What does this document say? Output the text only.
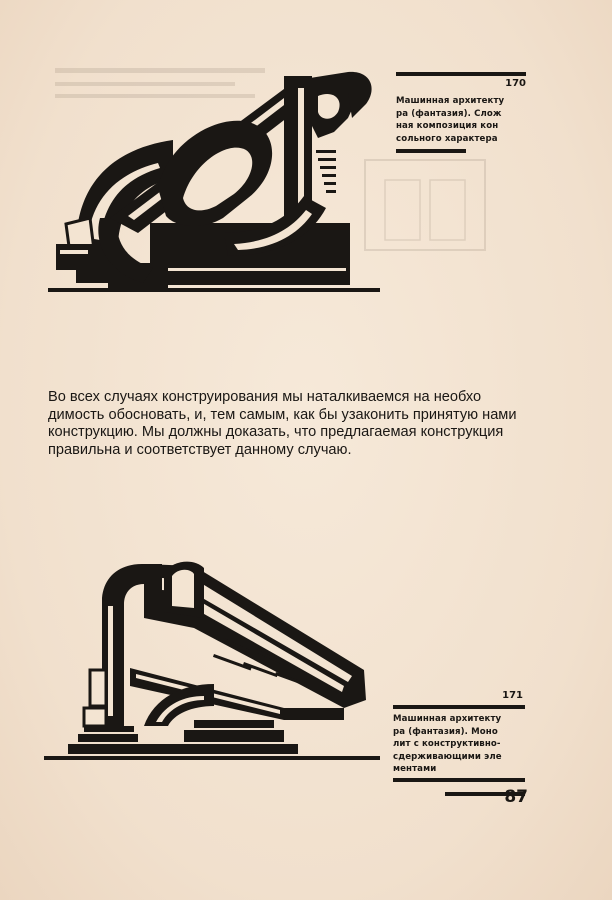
170
Машинная архитекту
ра (фантазия). Слож
ная композиция кон
сольного характера
Во всех случаях конструирования мы наталкиваемся на необхо
димость обосновать, и, тем самым, как бы узаконить принятую нами
конструкцию. Мы должны доказать, что предлагаемая конструкция
правильна и соответствует данному случаю.
171
Машинная архитекту
ра (фантазия). Моно
лит с конструктивно-
сдерживающими эле
ментами
87
